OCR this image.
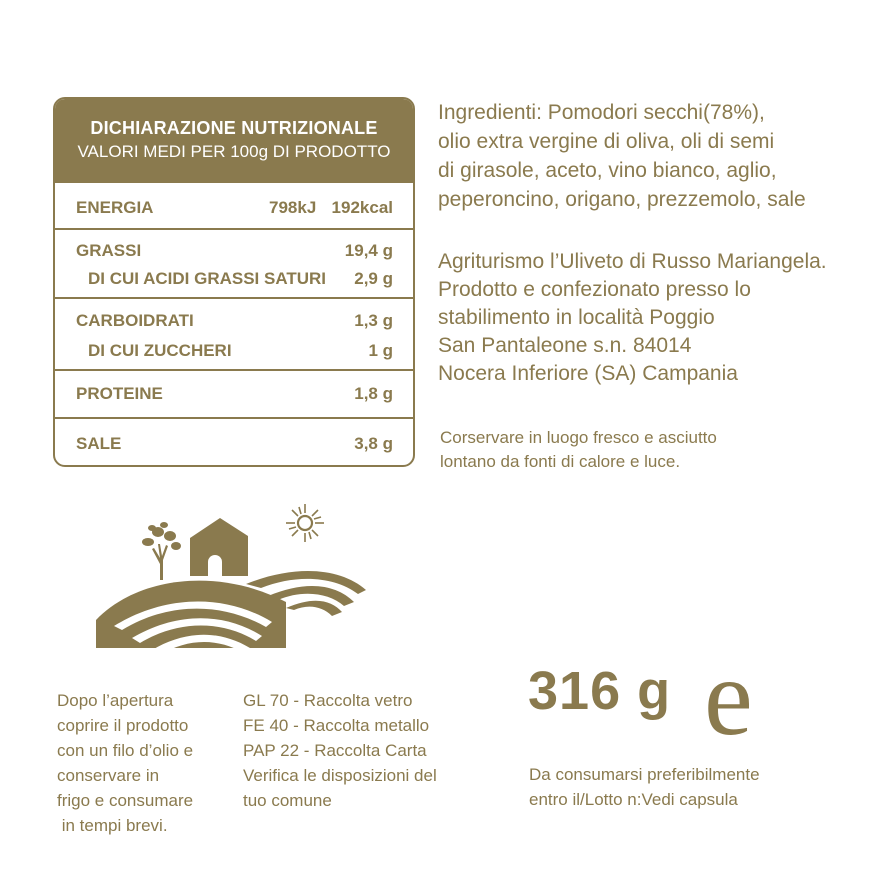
DICHIARAZIONE NUTRIZIONALE
VALORI MEDI PER 100g DI PRODOTTO
ENERGIA	798kJ 192kcal
GRASSI	19,4 g
DI CUI ACIDI GRASSI SATURI 2,9 g
CARBOIDRATI	1,3 g
DI CUI ZUCCHERI	1 g
PROTEINE	1,8 g
SALE	3,8 g
Ingredienti: Pomodori secchi(78%),
olio extra vergine di oliva, oli di semi
di girasole, aceto, vino bianco, aglio,
peperoncino, origano, prezzemolo, sale
Agriturismo l’Uliveto di Russo Mariangela.
Prodotto e confezionato presso lo
stabilimento in località Poggio
San Pantaleone s.n. 84014
Nocera Inferiore (SA) Campania
Corservare in luogo fresco e asciutto
lontano da fonti di calore e luce.
Dopo l’apertura
coprire il prodotto
con un filo d’olio e
conservare in
frigo e consumare
in tempi brevi.
GL 70 - Raccolta vetro
FE 40 - Raccolta metallo
PAP 22 - Raccolta Carta
Verifica le disposizioni del
tuo comune
316 g e
Da consumarsi preferibilmente
entro il/Lotto n:Vedi capsula
